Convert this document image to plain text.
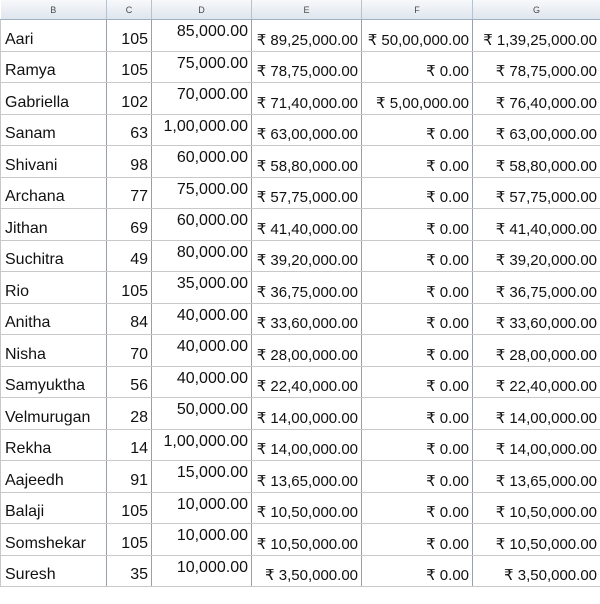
B	C	D	E	F	G
Aari	105	85,000.00	₹ 89,25,000.00	₹ 50,00,000.00	₹ 1,39,25,000.00
Ramya	105	75,000.00	₹ 78,75,000.00	₹ 0.00	₹ 78,75,000.00
Gabriella	102	70,000.00	₹ 71,40,000.00	₹ 5,00,000.00	₹ 76,40,000.00
Sanam	63	1,00,000.00	₹ 63,00,000.00	₹ 0.00	₹ 63,00,000.00
Shivani	98	60,000.00	₹ 58,80,000.00	₹ 0.00	₹ 58,80,000.00
Archana	77	75,000.00	₹ 57,75,000.00	₹ 0.00	₹ 57,75,000.00
Jithan	69	60,000.00	₹ 41,40,000.00	₹ 0.00	₹ 41,40,000.00
Suchitra	49	80,000.00	₹ 39,20,000.00	₹ 0.00	₹ 39,20,000.00
Rio	105	35,000.00	₹ 36,75,000.00	₹ 0.00	₹ 36,75,000.00
Anitha	84	40,000.00	₹ 33,60,000.00	₹ 0.00	₹ 33,60,000.00
Nisha	70	40,000.00	₹ 28,00,000.00	₹ 0.00	₹ 28,00,000.00
Samyuktha	56	40,000.00	₹ 22,40,000.00	₹ 0.00	₹ 22,40,000.00
Velmurugan	28	50,000.00	₹ 14,00,000.00	₹ 0.00	₹ 14,00,000.00
Rekha	14	1,00,000.00	₹ 14,00,000.00	₹ 0.00	₹ 14,00,000.00
Aajeedh	91	15,000.00	₹ 13,65,000.00	₹ 0.00	₹ 13,65,000.00
Balaji	105	10,000.00	₹ 10,50,000.00	₹ 0.00	₹ 10,50,000.00
Somshekar	105	10,000.00	₹ 10,50,000.00	₹ 0.00	₹ 10,50,000.00
Suresh	35	10,000.00	₹ 3,50,000.00	₹ 0.00	₹ 3,50,000.00
